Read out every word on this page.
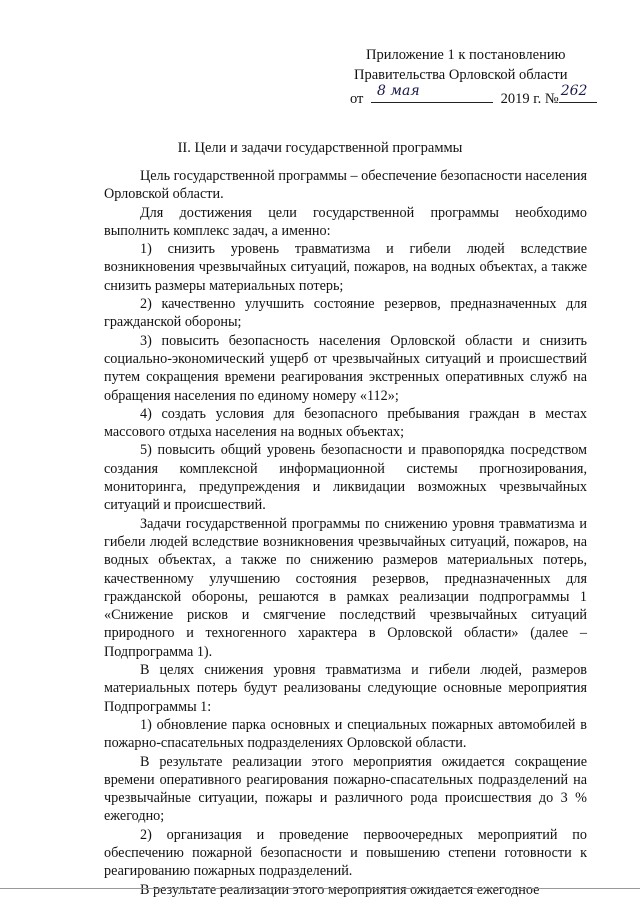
Приложение 1 к постановлению
Правительства Орловской области
от 8 мая	2019 г. № 262
II. Цели и задачи государственной программы

Цель государственной программы – обеспечение безопасности населения Орловской области.

Для достижения цели государственной программы необходимо выполнить комплекс задач, а именно:

1) снизить уровень травматизма и гибели людей вследствие возникновения чрезвычайных ситуаций, пожаров, на водных объектах, а также снизить размеры материальных потерь;

2) качественно улучшить состояние резервов, предназначенных для гражданской обороны;

3) повысить безопасность населения Орловской области и снизить социально-экономический ущерб от чрезвычайных ситуаций и происшествий путем сокращения времени реагирования экстренных оперативных служб на обращения населения по единому номеру «112»;

4) создать условия для безопасного пребывания граждан в местах массового отдыха населения на водных объектах;

5) повысить общий уровень безопасности и правопорядка посредством создания комплексной информационной системы прогнозирования, мониторинга, предупреждения и ликвидации возможных чрезвычайных ситуаций и происшествий.

Задачи государственной программы по снижению уровня травматизма и гибели людей вследствие возникновения чрезвычайных ситуаций, пожаров, на водных объектах, а также по снижению размеров материальных потерь, качественному улучшению состояния резервов, предназначенных для гражданской обороны, решаются в рамках реализации подпрограммы 1 «Снижение рисков и смягчение последствий чрезвычайных ситуаций природного и техногенного характера в Орловской области» (далее – Подпрограмма 1).

В целях снижения уровня травматизма и гибели людей, размеров материальных потерь будут реализованы следующие основные мероприятия Подпрограммы 1:

1) обновление парка основных и специальных пожарных автомобилей в пожарно-спасательных подразделениях Орловской области.

В результате реализации этого мероприятия ожидается сокращение времени оперативного реагирования пожарно-спасательных подразделений на чрезвычайные ситуации, пожары и различного рода происшествия до 3 % ежегодно;

2) организация и проведение первоочередных мероприятий по обеспечению пожарной безопасности и повышению степени готовности к реагированию пожарных подразделений.

В результате реализации этого мероприятия ожидается ежегодное
